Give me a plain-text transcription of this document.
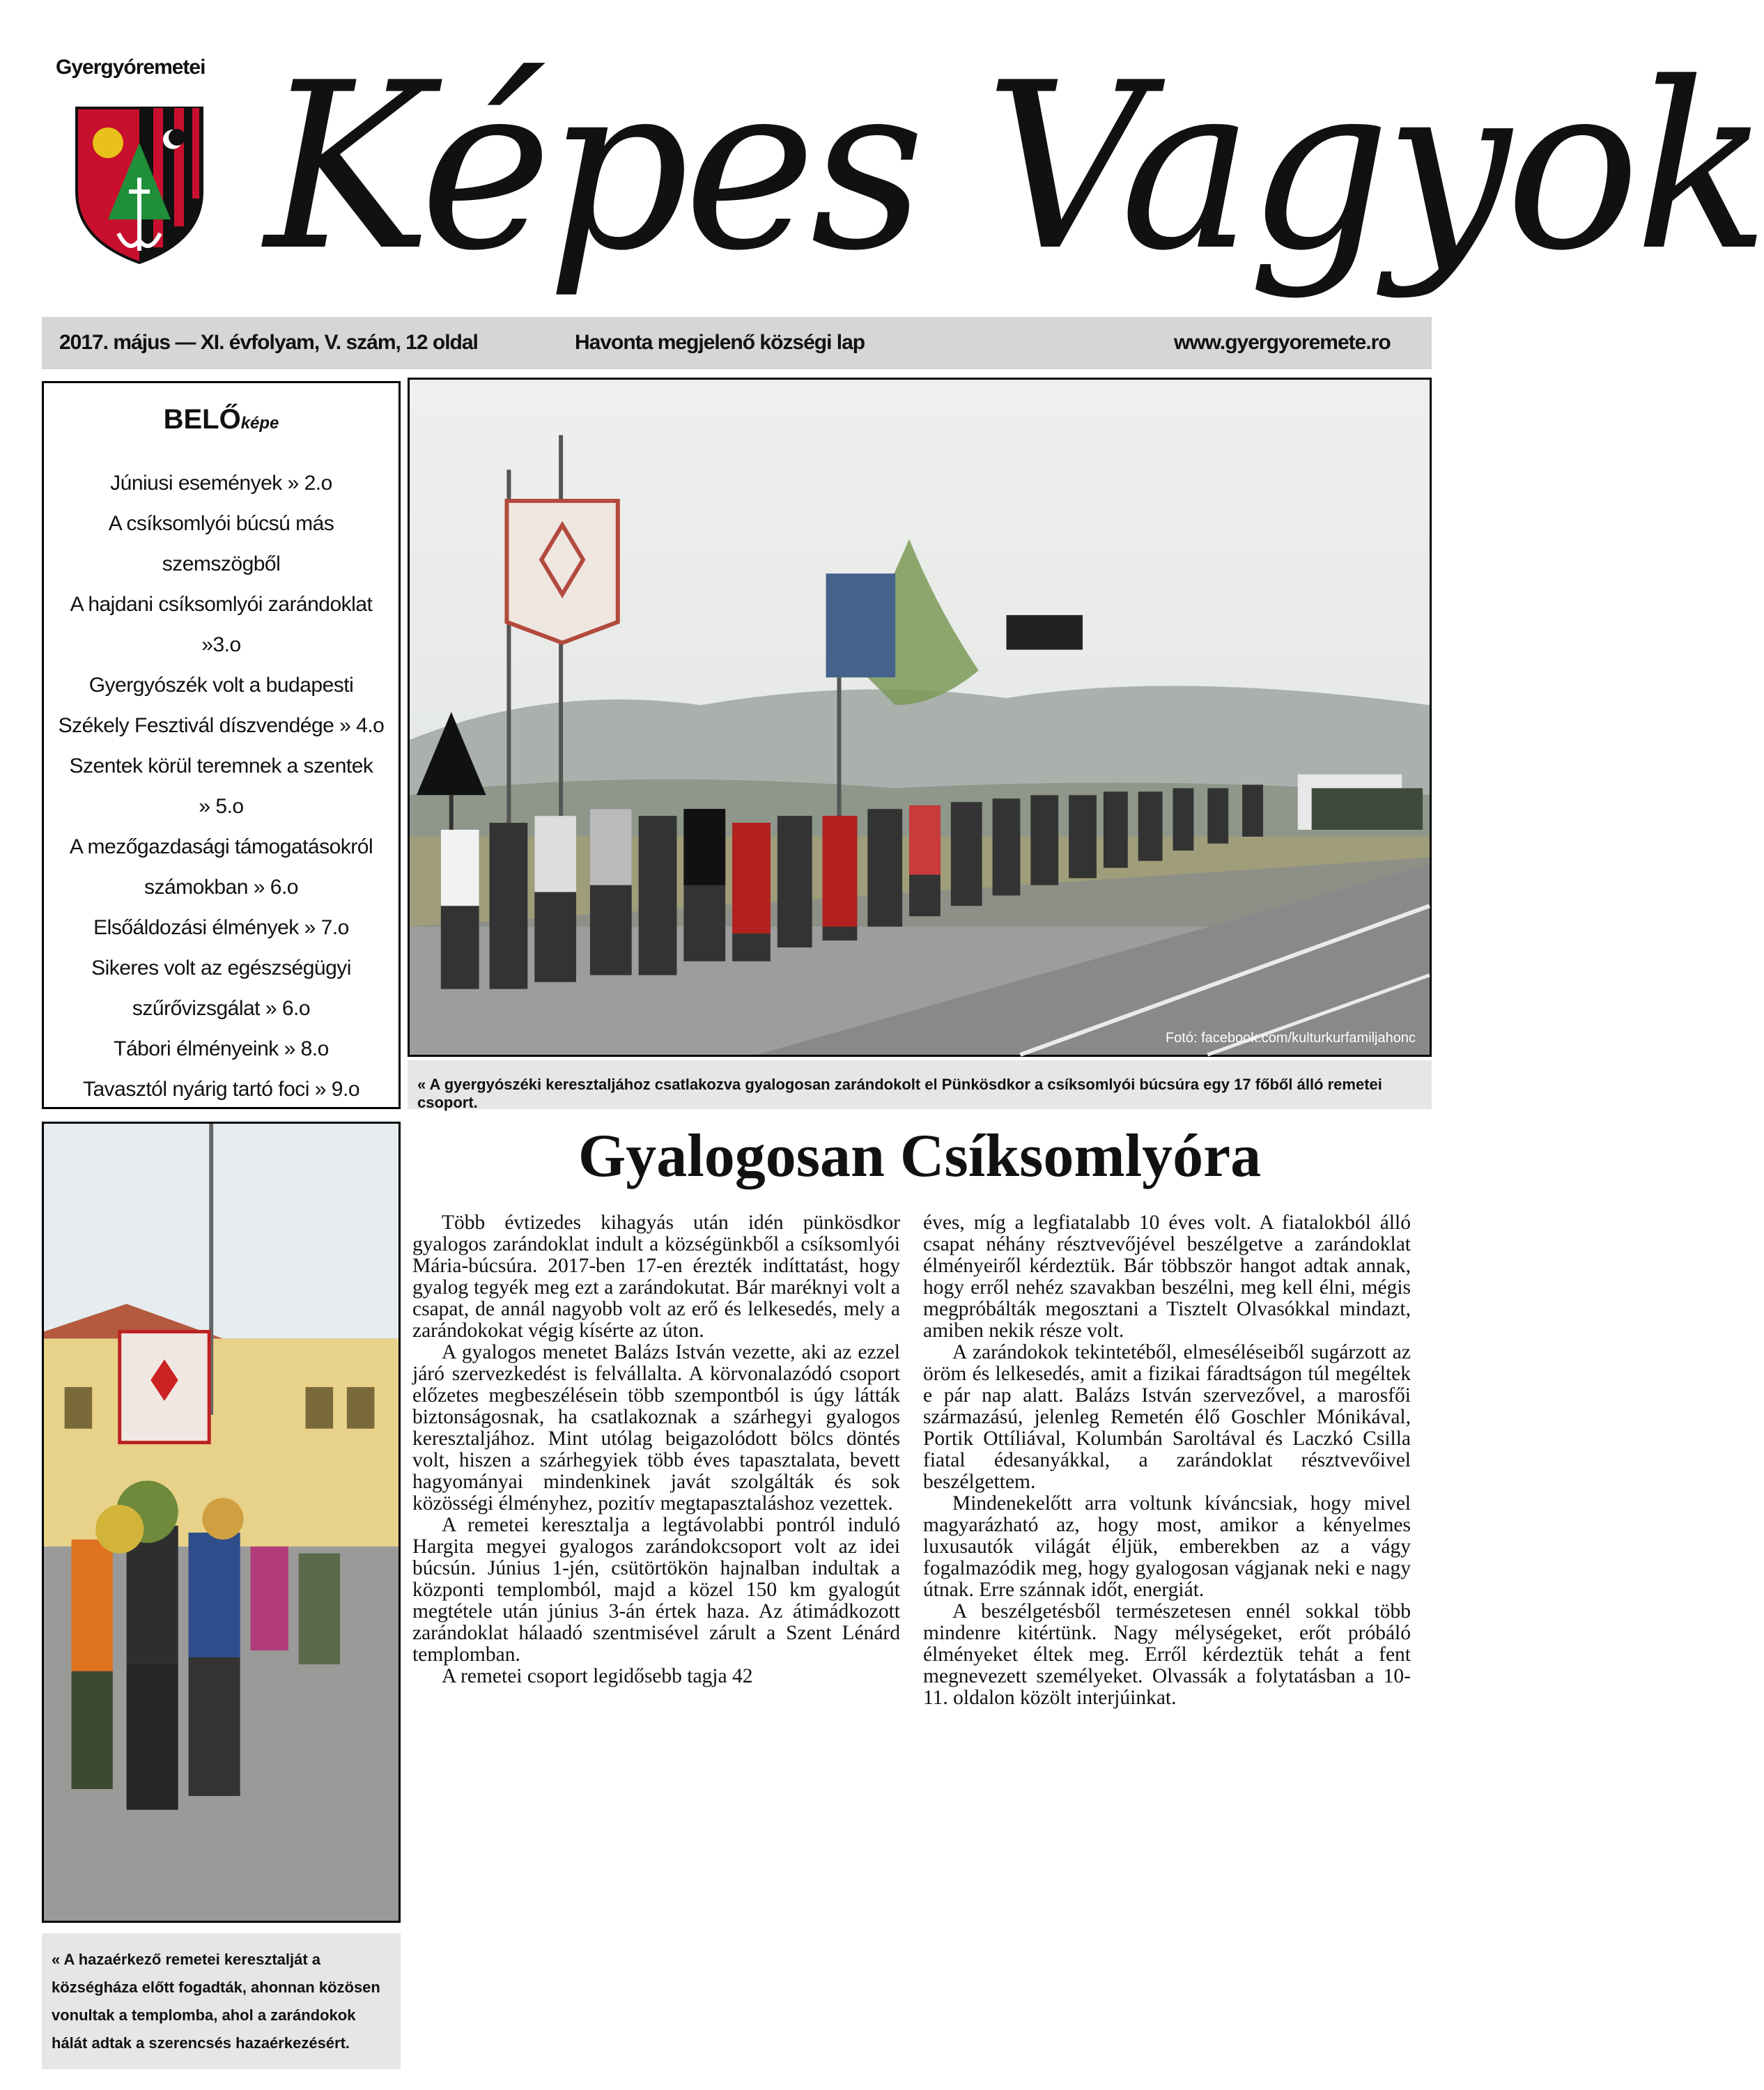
Gyergyóremetei Képes Vagyok
2017. május — XI. évfolyam, V. szám, 12 oldal	Havonta megjelenő községi lap	www.gyergyoremete.ro
BELŐképe
Júniusi események » 2.o
A csíksomlyói búcsú más szemszögből
A hajdani csíksomlyói zarándoklat
»3.o
Gyergyószék volt a budapesti
Székely Fesztivál díszvendége » 4.o
Szentek körül teremnek a szentek
» 5.o
A mezőgazdasági támogatásokról
számokban » 6.o
Elsőáldozási élmények » 7.o
Sikeres volt az egészségügyi
szűrővizsgálat » 6.o
Tábori élményeink » 8.o
Tavasztól nyárig tartó foci » 9.o
Fotó: facebook.com/kulturkurfamiljahonc
« A gyergyószéki keresztaljához csatlakozva gyalogosan zarándokolt el Pünkösdkor a csíksomlyói búcsúra egy 17 főből álló remetei csoport.
« A hazaérkező remetei keresztalját a községháza előtt fogadták, ahonnan közösen vonultak a templomba, ahol a zarándokok hálát adtak a szerencsés hazaérkezésért.
Gyalogosan Csíksomlyóra

Több évtizedes kihagyás után idén pünkösdkor gyalogos zarándoklat indult a községünkből a csíksomlyói Mária-búcsúra. 2017-ben 17-en érezték indíttatást, hogy gyalog tegyék meg ezt a zarándokutat. Bár maréknyi volt a csapat, de annál nagyobb volt az erő és lelkesedés, mely a zarándokokat végig kísérte az úton.

A gyalogos menetet Balázs István vezette, aki az ezzel járó szervezkedést is felvállalta. A körvonalazódó csoport előzetes megbeszélésein több szempontból is úgy látták biztonságosnak, ha csatlakoznak a szárhegyi gyalogos keresztaljához. Mint utólag beigazolódott bölcs döntés volt, hiszen a szárhegyiek több éves tapasztalata, bevett hagyományai mindenkinek javát szolgálták és sok közösségi élményhez, pozitív megtapasztaláshoz vezettek.

A remetei keresztalja a legtávolabbi pontról induló Hargita megyei gyalogos zarándokcsoport volt az idei búcsún. Június 1-jén, csütörtökön hajnalban indultak a központi templomból, majd a közel 150 km gyalogút megtétele után június 3-án értek haza. Az átimádkozott zarándoklat hálaadó szentmisével zárult a Szent Lénárd templomban.

A remetei csoport legidősebb tagja 42

éves, míg a legfiatalabb 10 éves volt. A fiatalokból álló csapat néhány résztvevőjével beszélgetve a zarándoklat élményeiről kérdeztük. Bár többször hangot adtak annak, hogy erről nehéz szavakban beszélni, meg kell élni, mégis megpróbálták megosztani a Tisztelt Olvasókkal mindazt, amiben nekik része volt.

A zarándokok tekintetéből, elmeséléseiből sugárzott az öröm és lelkesedés, amit a fizikai fáradtságon túl megéltek e pár nap alatt. Balázs István szervezővel, a marosfői származású, jelenleg Remetén élő Goschler Mónikával, Portik Ottíliával, Kolumbán Saroltával és Laczkó Csilla fiatal édesanyákkal, a zarándoklat résztvevőivel beszélgettem.

Mindenekelőtt arra voltunk kíváncsiak, hogy mivel magyarázható az, hogy most, amikor a kényelmes luxusautók világát éljük, emberekben az a vágy fogalmazódik meg, hogy gyalogosan vágjanak neki e nagy útnak. Erre szánnak időt, energiát.

A beszélgetésből természetesen ennél sokkal több mindenre kitértünk. Nagy mélységeket, erőt próbáló élményeket éltek meg. Erről kérdeztük tehát a fent megnevezett személyeket. Olvassák a folytatásban a 10-11. oldalon közölt interjúinkat.
